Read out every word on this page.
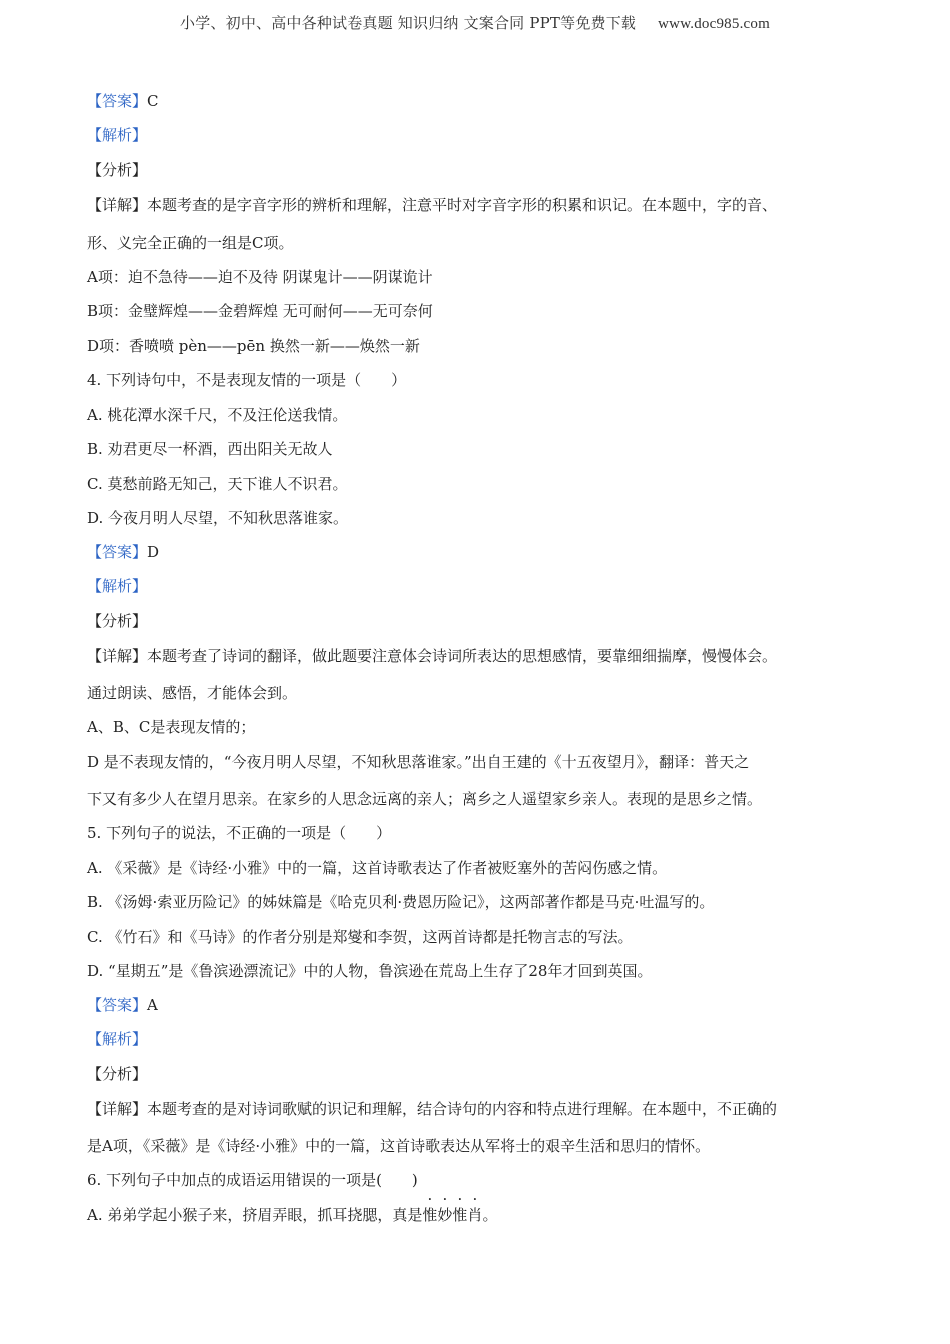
小学、初中、高中各种试卷真题 知识归纳 文案合同 PPT等免费下载 www.doc985.com
【答案】C
【解析】
【分析】
【详解】本题考查的是字音字形的辨析和理解，注意平时对字音字形的积累和识记。在本题中，字的音、
形、义完全正确的一组是C项。
A项：迫不急待——迫不及待 阴谋鬼计——阴谋诡计
B项：金璧辉煌——金碧辉煌 无可耐何——无可奈何
D项：香喷喷 pèn——pēn 换然一新——焕然一新
4. 下列诗句中，不是表现友情的一项是（　　）
A. 桃花潭水深千尺，不及汪伦送我情。
B. 劝君更尽一杯酒，西出阳关无故人
C. 莫愁前路无知己，天下谁人不识君。
D. 今夜月明人尽望，不知秋思落谁家。
【答案】D
【解析】
【分析】
【详解】本题考查了诗词的翻译，做此题要注意体会诗词所表达的思想感情，要靠细细揣摩，慢慢体会。
通过朗读、感悟，才能体会到。
A、B、C是表现友情的；
D 是不表现友情的，“今夜月明人尽望，不知秋思落谁家。”出自王建的《十五夜望月》，翻译：普天之
下又有多少人在望月思亲。在家乡的人思念远离的亲人；离乡之人遥望家乡亲人。表现的是思乡之情。
5. 下列句子的说法，不正确的一项是（　　）
A. 《采薇》是《诗经·小雅》中的一篇，这首诗歌表达了作者被贬塞外的苦闷伤感之情。
B. 《汤姆·索亚历险记》的姊妹篇是《哈克贝利·费恩历险记》，这两部著作都是马克·吐温写的。
C. 《竹石》和《马诗》的作者分别是郑燮和李贺，这两首诗都是托物言志的写法。
D. “星期五”是《鲁滨逊漂流记》中的人物，鲁滨逊在荒岛上生存了28年才回到英国。
【答案】A
【解析】
【分析】
【详解】本题考查的是对诗词歌赋的识记和理解，结合诗句的内容和特点进行理解。在本题中，不正确的
是A项，《采薇》是《诗经·小雅》中的一篇，这首诗歌表达从军将士的艰辛生活和思归的情怀。
6. 下列句子中加点的成语运用错误的一项是(　　)
A. 弟弟学起小猴子来，挤眉弄眼，抓耳挠腮，真是惟妙惟肖。
